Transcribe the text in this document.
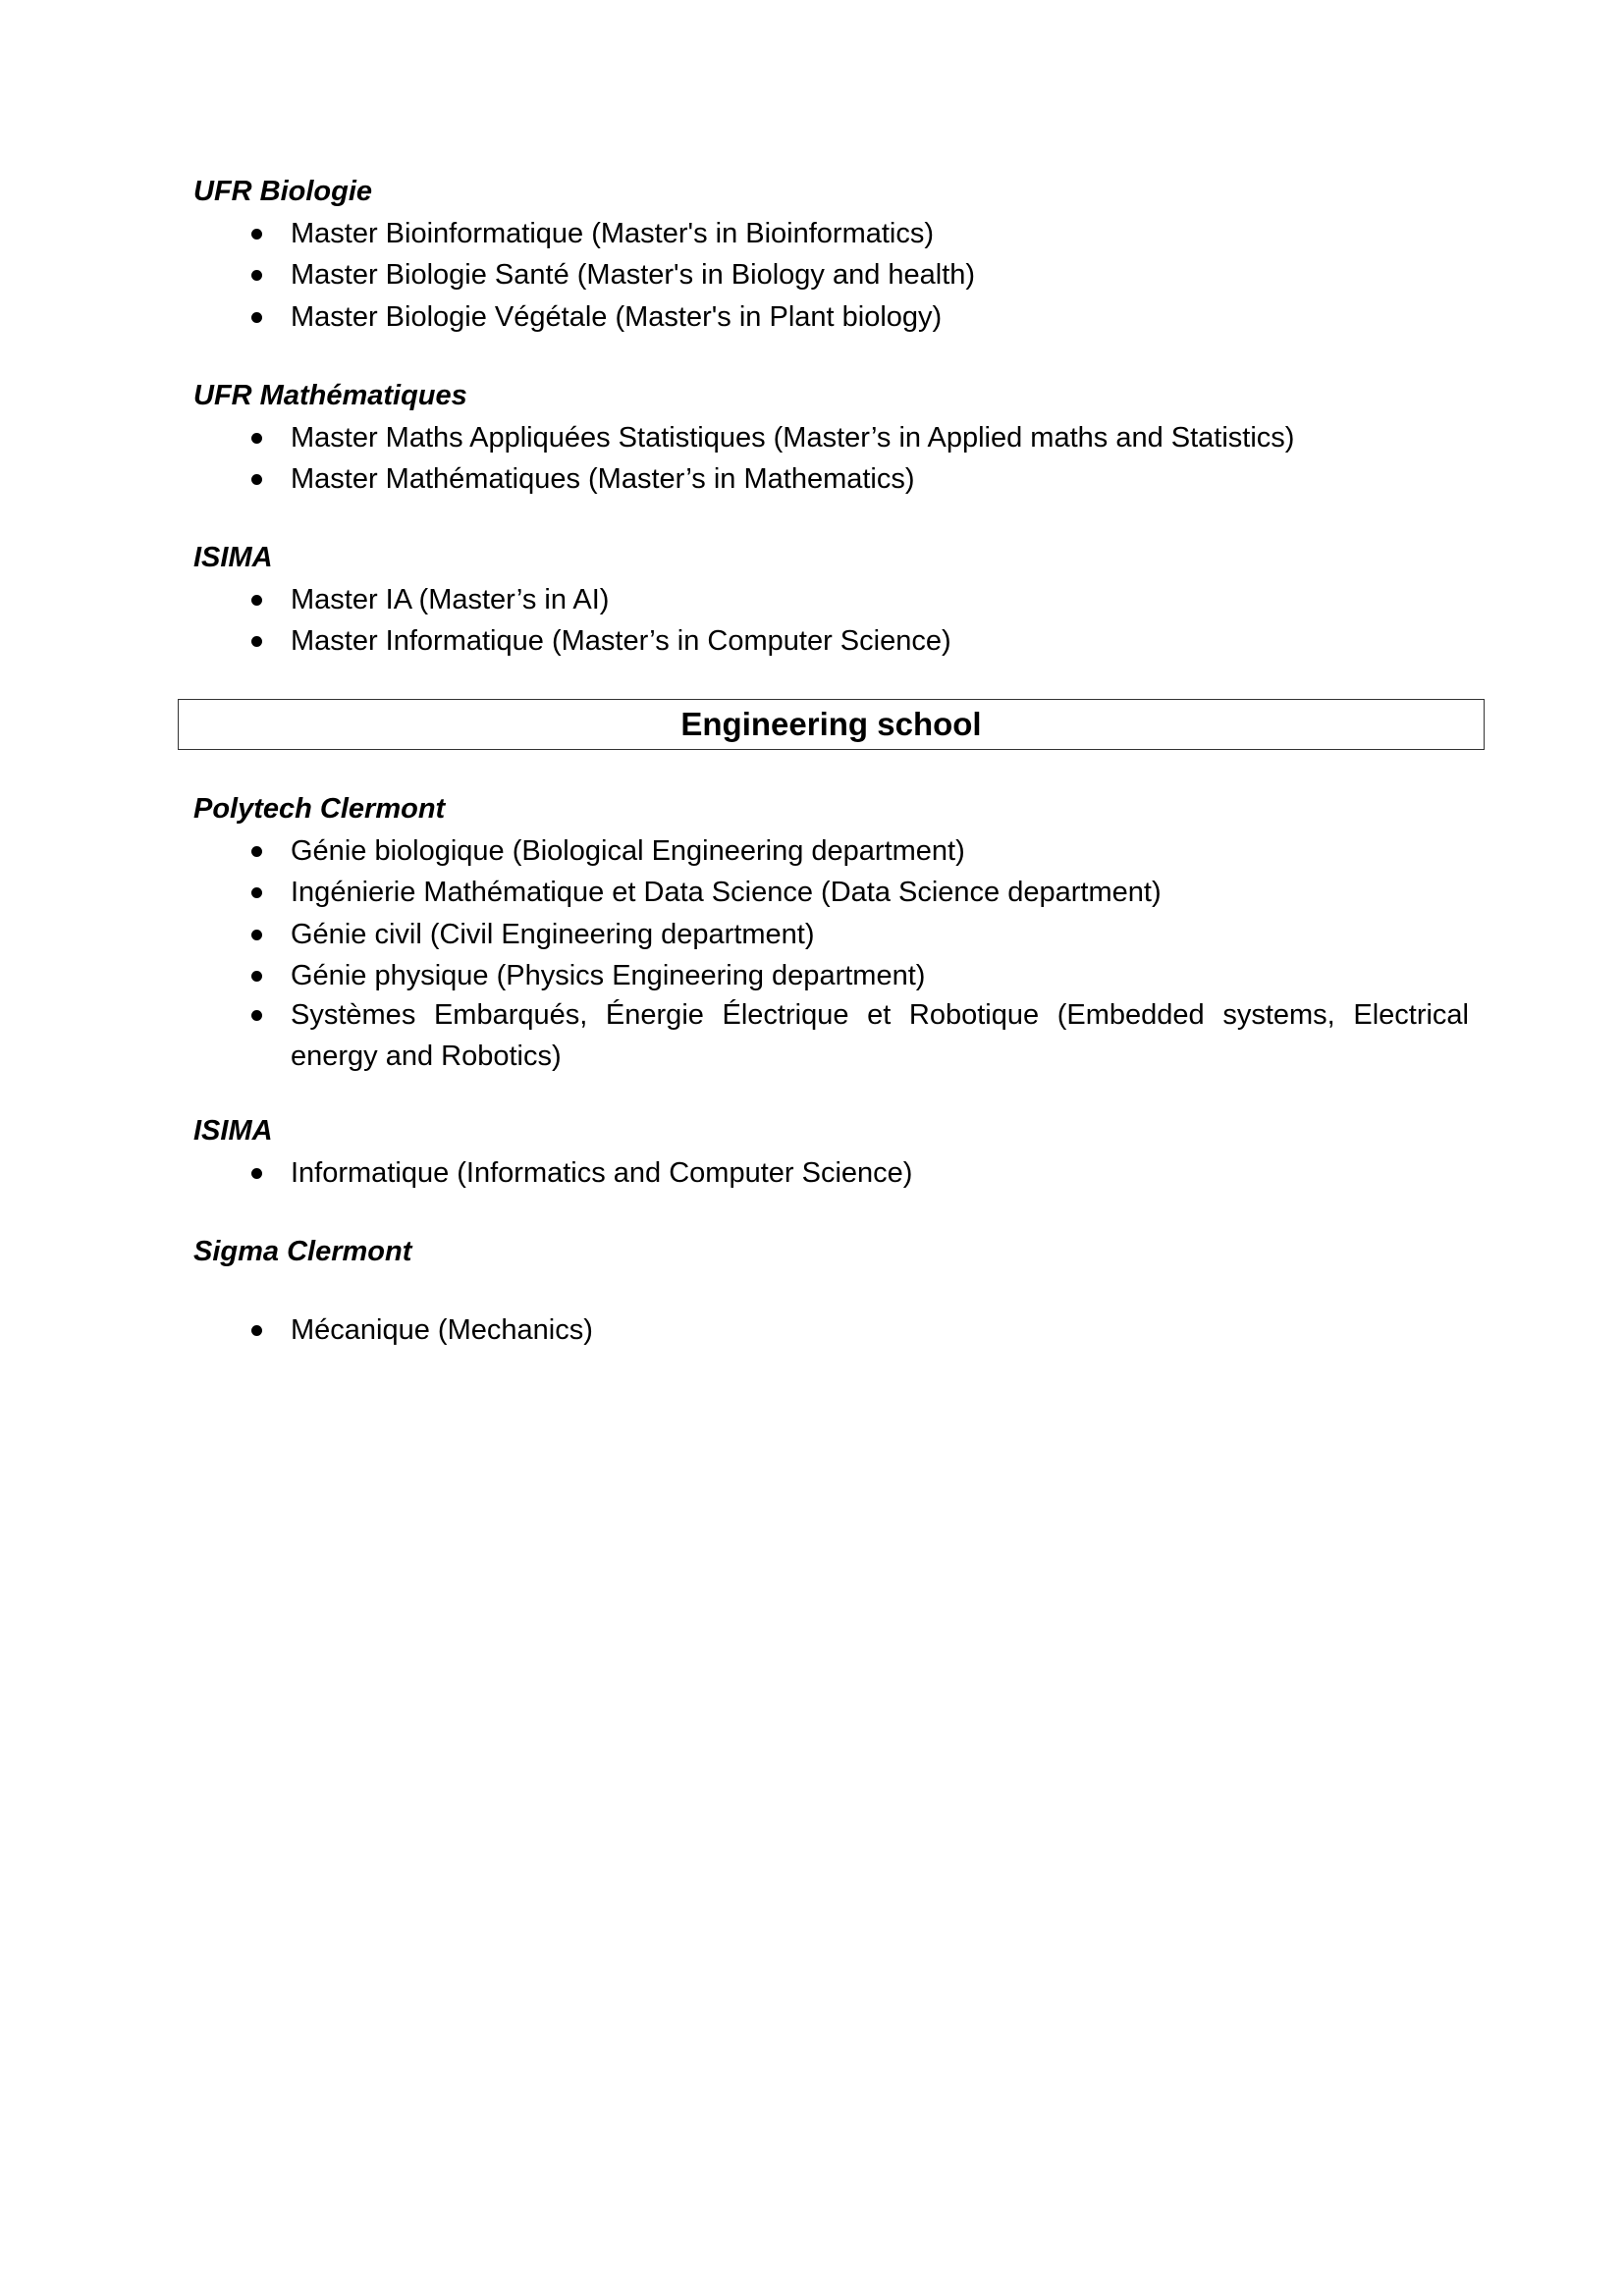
UFR Biologie
Master Bioinformatique (Master's in Bioinformatics)
Master Biologie Santé (Master's in Biology and health)
Master Biologie Végétale (Master's in Plant biology)
UFR Mathématiques
Master Maths Appliquées Statistiques (Master’s in Applied maths and Statistics)
Master Mathématiques (Master’s in Mathematics)
ISIMA
Master IA (Master’s in AI)
Master Informatique (Master’s in Computer Science)
Engineering school
Polytech Clermont
Génie biologique (Biological Engineering department)
Ingénierie Mathématique et Data Science (Data Science department)
Génie civil (Civil Engineering department)
Génie physique (Physics Engineering department)
Systèmes Embarqués, Énergie Électrique et Robotique (Embedded systems, Electrical energy and Robotics)
ISIMA
Informatique (Informatics and Computer Science)
Sigma Clermont
Mécanique (Mechanics)
